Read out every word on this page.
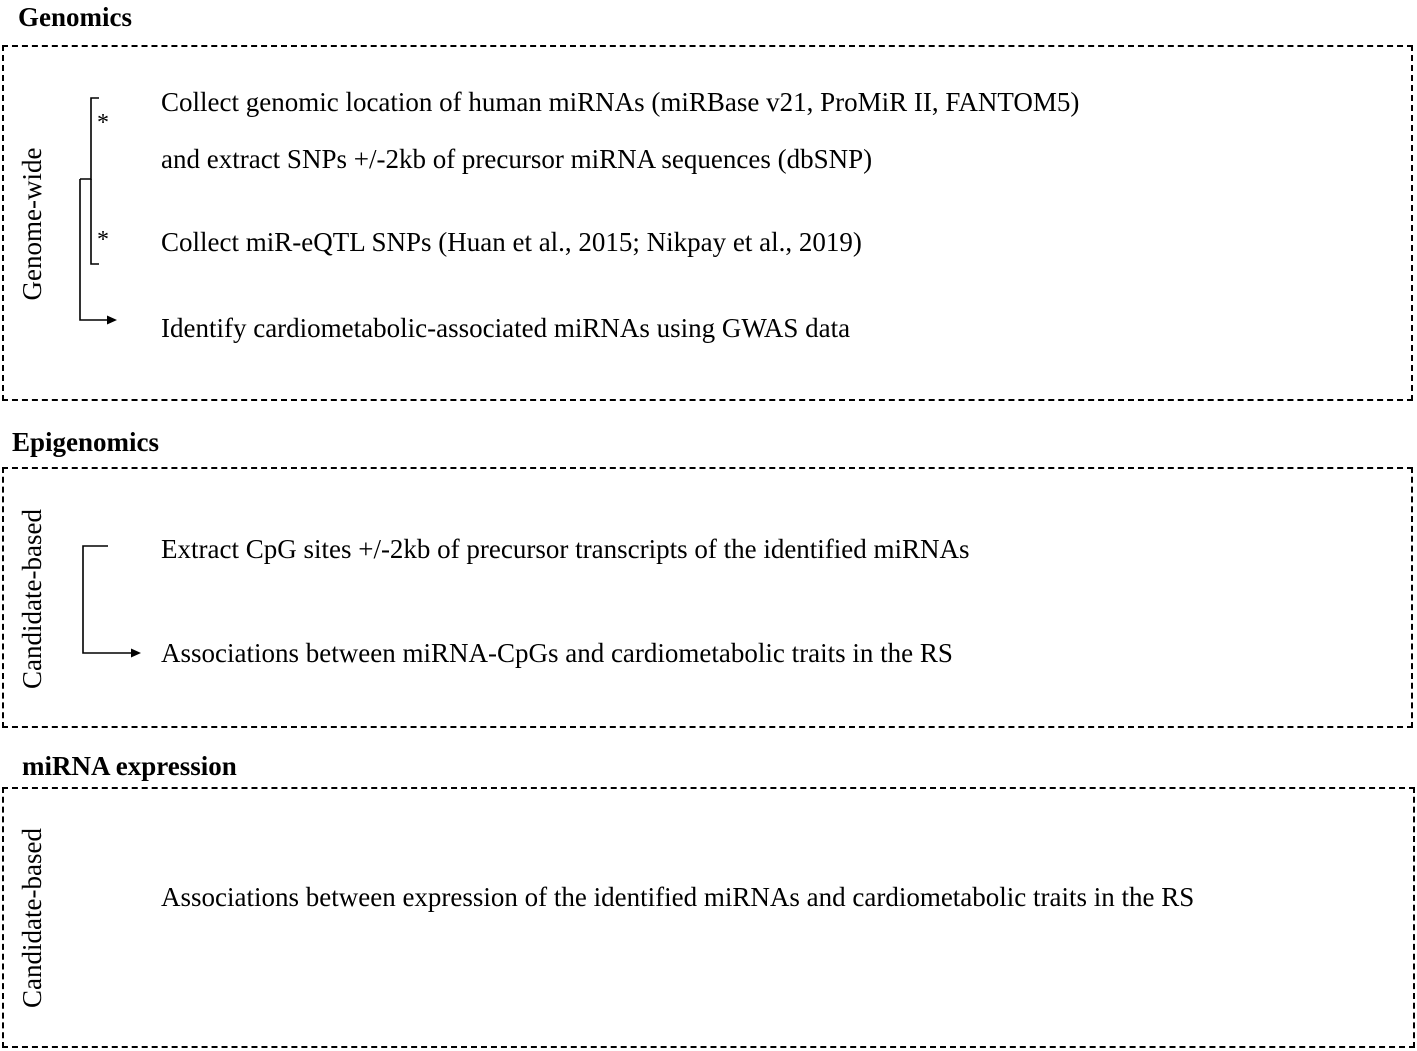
Genomics
Genome-wide
*
*
Collect genomic location of human miRNAs (miRBase v21, ProMiR II, FANTOM5)
and extract SNPs +/-2kb of precursor miRNA sequences (dbSNP)
Collect miR-eQTL SNPs (Huan et al., 2015; Nikpay et al., 2019)
Identify cardiometabolic-associated miRNAs using GWAS data
Epigenomics
Candidate-based	Extract CpG sites +/-2kb of precursor transcripts of the identified miRNAs
Associations between miRNA-CpGs and cardiometabolic traits in the RS
miRNA expression
Candidate-based	Associations between expression of the identified miRNAs and cardiometabolic traits in the RS
